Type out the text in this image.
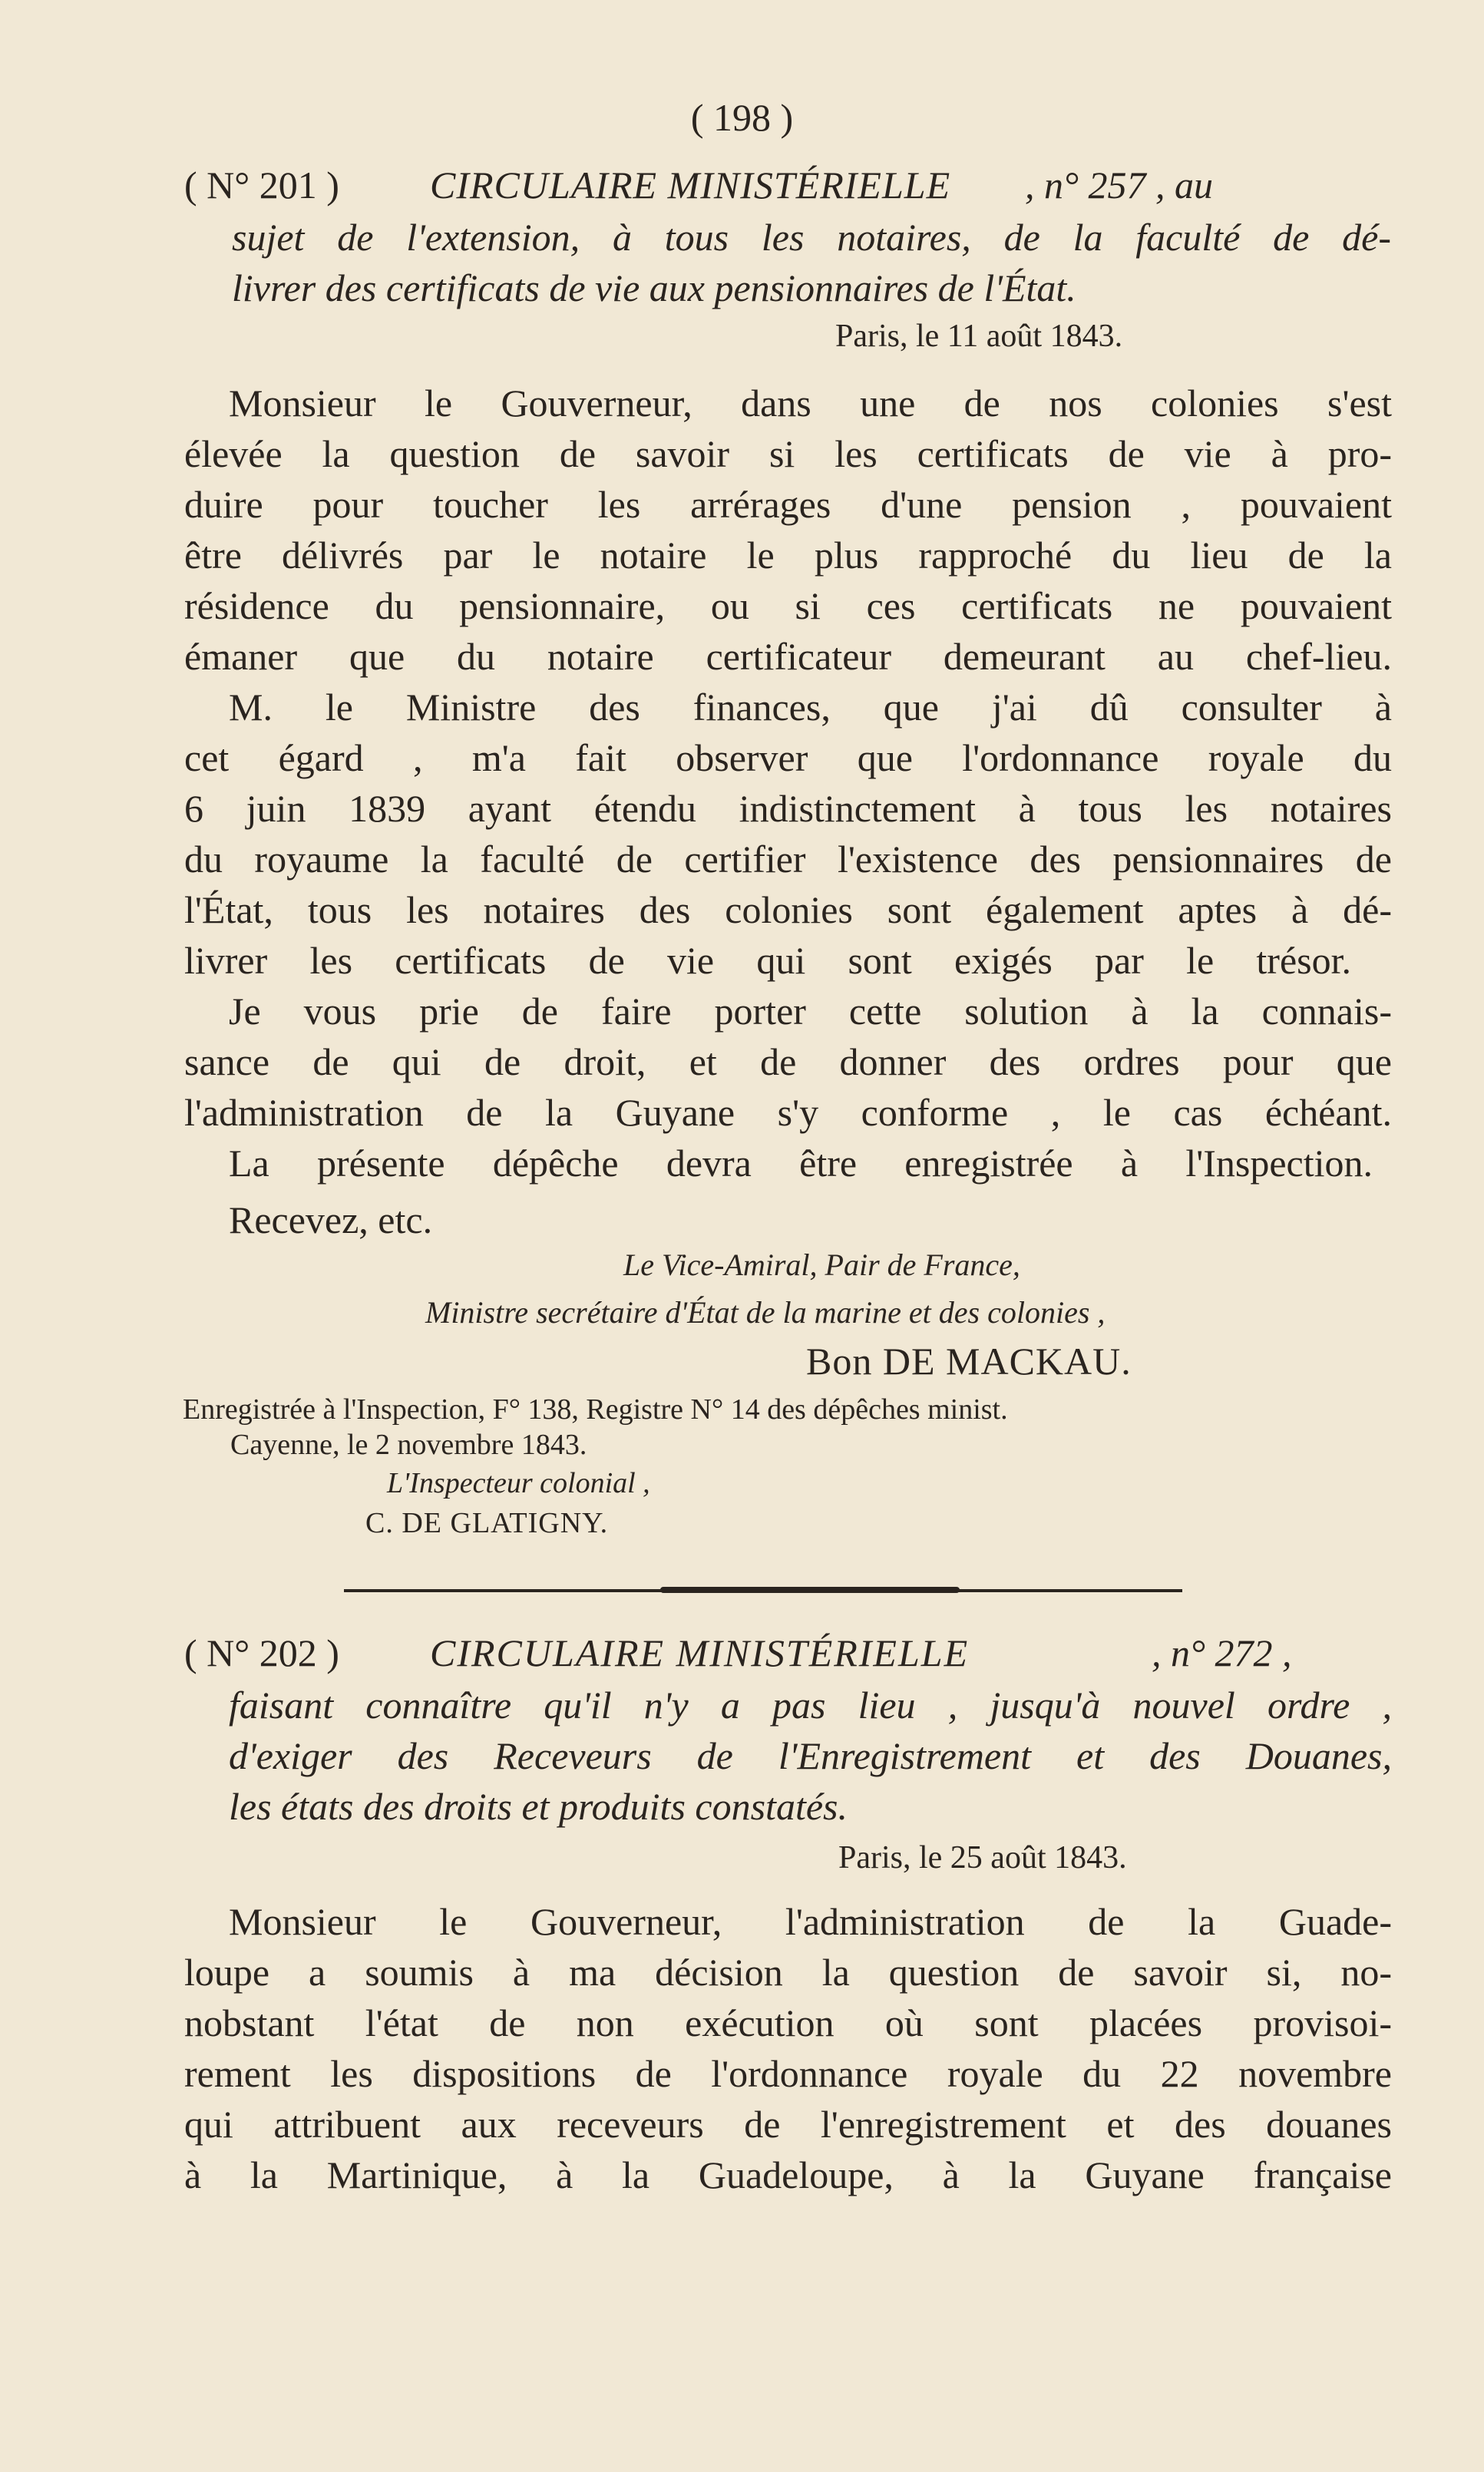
( 198 )
( N° 201 ) CIRCULAIRE MINISTÉRIELLE , n° 257 , au
sujet de l'extension, à tous les notaires, de la faculté de dé-
livrer des certificats de vie aux pensionnaires de l'État.
Paris, le 11 août 1843.
Monsieur le Gouverneur, dans une de nos colonies s'est
élevée la question de savoir si les certificats de vie à pro-
duire pour toucher les arrérages d'une pension , pouvaient
être délivrés par le notaire le plus rapproché du lieu de la
résidence du pensionnaire, ou si ces certificats ne pouvaient
émaner que du notaire certificateur demeurant au chef-lieu.
M. le Ministre des finances, que j'ai dû consulter à
cet égard , m'a fait observer que l'ordonnance royale du
6 juin 1839 ayant étendu indistinctement à tous les notaires
du royaume la faculté de certifier l'existence des pensionnaires de
l'État, tous les notaires des colonies sont également aptes à dé-
livrer les certificats de vie qui sont exigés par le trésor.
Je vous prie de faire porter cette solution à la connais-
sance de qui de droit, et de donner des ordres pour que
l'administration de la Guyane s'y conforme , le cas échéant.
La présente dépêche devra être enregistrée à l'Inspection.
Recevez, etc.
Le Vice-Amiral, Pair de France,
Ministre secrétaire d'État de la marine et des colonies ,
Bon DE MACKAU.
Enregistrée à l'Inspection, F° 138, Registre N° 14 des dépêches minist.
Cayenne, le 2 novembre 1843.
L'Inspecteur colonial ,
C. DE GLATIGNY.
( N° 202 ) CIRCULAIRE MINISTÉRIELLE	, n° 272 ,
faisant connaître qu'il n'y a pas lieu , jusqu'à nouvel ordre ,
d'exiger des Receveurs de l'Enregistrement et des Douanes,
les états des droits et produits constatés.
Paris, le 25 août 1843.
Monsieur le Gouverneur, l'administration de la Guade-
loupe a soumis à ma décision la question de savoir si, no-
nobstant l'état de non exécution où sont placées provisoi-
rement les dispositions de l'ordonnance royale du 22 novembre
qui attribuent aux receveurs de l'enregistrement et des douanes
à la Martinique, à la Guadeloupe, à la Guyane française
